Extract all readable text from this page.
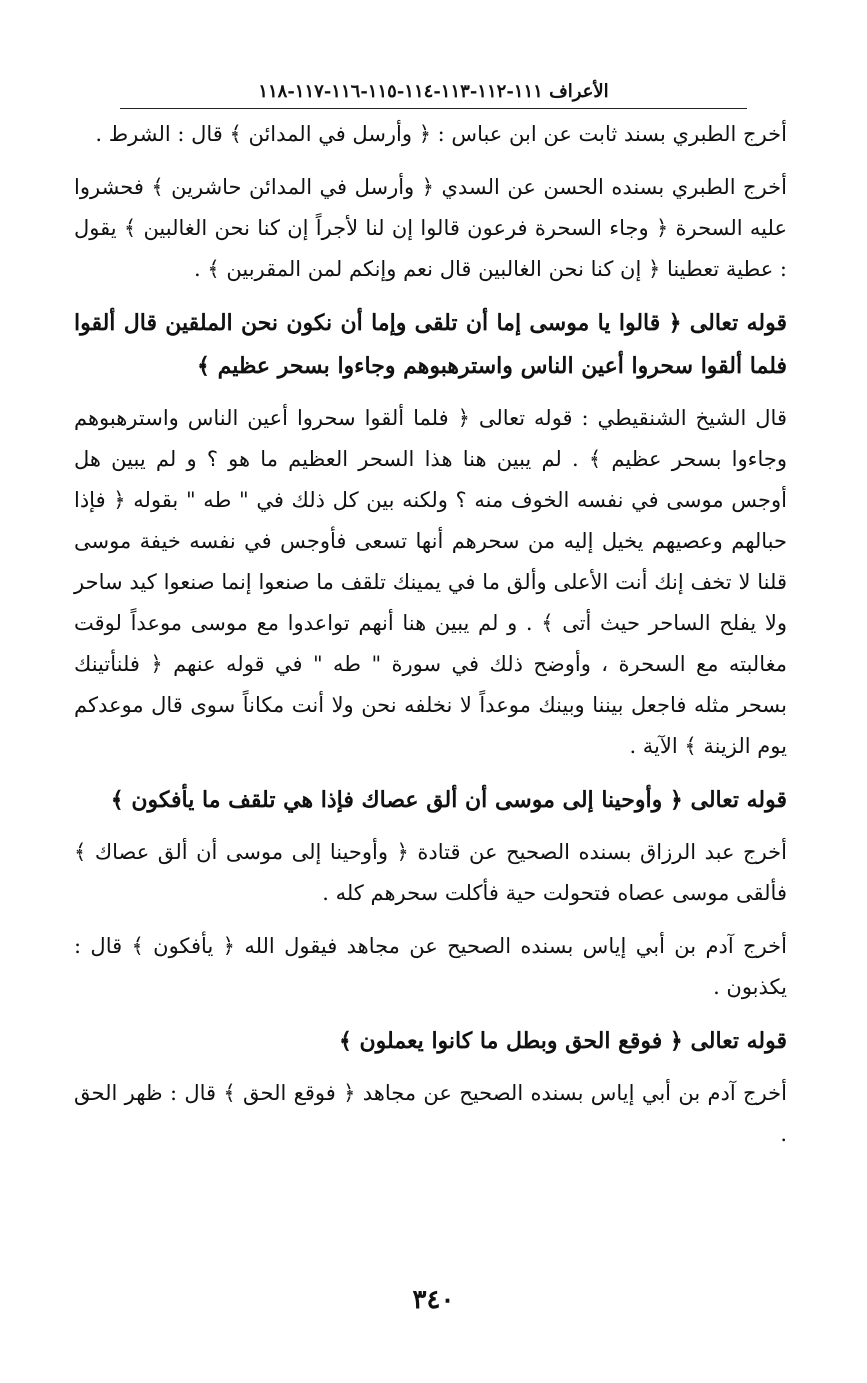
الأعراف ١١١-١١٢-١١٣-١١٤-١١٥-١١٦-١١٧-١١٨

أخرج الطبري بسند ثابت عن ابن عباس : ﴿ وأرسل في المدائن ﴾ قال : الشرط .

أخرج الطبري بسنده الحسن عن السدي ﴿ وأرسل في المدائن حاشرين ﴾ فحشروا عليه السحرة ﴿ وجاء السحرة فرعون قالوا إن لنا لأجراً إن كنا نحن الغالبين ﴾ يقول : عطية تعطينا ﴿ إن كنا نحن الغالبين قال نعم وإنكم لمن المقربين ﴾ .

قوله تعالى ﴿ قالوا يا موسى إما أن تلقى وإما أن نكون نحن الملقين قال ألقوا فلما ألقوا سحروا أعين الناس واسترهبوهم وجاءوا بسحر عظيم ﴾

قال الشيخ الشنقيطي : قوله تعالى ﴿ فلما ألقوا سحروا أعين الناس واسترهبوهم وجاءوا بسحر عظيم ﴾ . لم يبين هنا هذا السحر العظيم ما هو ؟ و لم يبين هل أوجس موسى في نفسه الخوف منه ؟ ولكنه بين كل ذلك في " طه " بقوله ﴿ فإذا حبالهم وعصيهم يخيل إليه من سحرهم أنها تسعى فأوجس في نفسه خيفة موسى قلنا لا تخف إنك أنت الأعلى وألق ما في يمينك تلقف ما صنعوا إنما صنعوا كيد ساحر ولا يفلح الساحر حيث أتى ﴾ . و لم يبين هنا أنهم تواعدوا مع موسى موعداً لوقت مغالبته مع السحرة ، وأوضح ذلك في سورة " طه " في قوله عنهم ﴿ فلنأتينك بسحر مثله فاجعل بيننا وبينك موعداً لا نخلفه نحن ولا أنت مكاناً سوى قال موعدكم يوم الزينة ﴾ الآية .

قوله تعالى ﴿ وأوحينا إلى موسى أن ألق عصاك فإذا هي تلقف ما يأفكون ﴾

أخرج عبد الرزاق بسنده الصحيح عن قتادة ﴿ وأوحينا إلى موسى أن ألق عصاك ﴾ فألقى موسى عصاه فتحولت حية فأكلت سحرهم كله .

أخرج آدم بن أبي إياس بسنده الصحيح عن مجاهد فيقول الله ﴿ يأفكون ﴾ قال : يكذبون .

قوله تعالى ﴿ فوقع الحق وبطل ما كانوا يعملون ﴾

أخرج آدم بن أبي إياس بسنده الصحيح عن مجاهد ﴿ فوقع الحق ﴾ قال : ظهر الحق .

٣٤٠
